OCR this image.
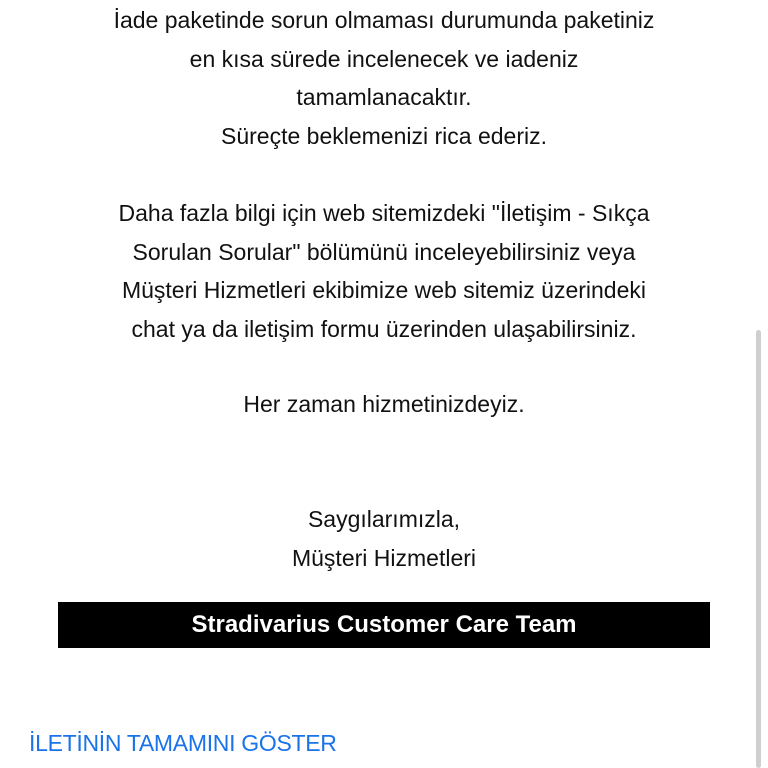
İade paketinde sorun olmaması durumunda paketiniz
en kısa sürede incelenecek ve iadeniz
tamamlanacaktır.
Süreçte beklemenizi rica ederiz.
Daha fazla bilgi için web sitemizdeki "İletişim - Sıkça
Sorulan Sorular" bölümünü inceleyebilirsiniz veya
Müşteri Hizmetleri ekibimize web sitemiz üzerindeki
chat ya da iletişim formu üzerinden ulaşabilirsiniz.
Her zaman hizmetinizdeyiz.
Saygılarımızla,
Müşteri Hizmetleri
Stradivarius Customer Care Team
İLETİNİN TAMAMINI GÖSTER
